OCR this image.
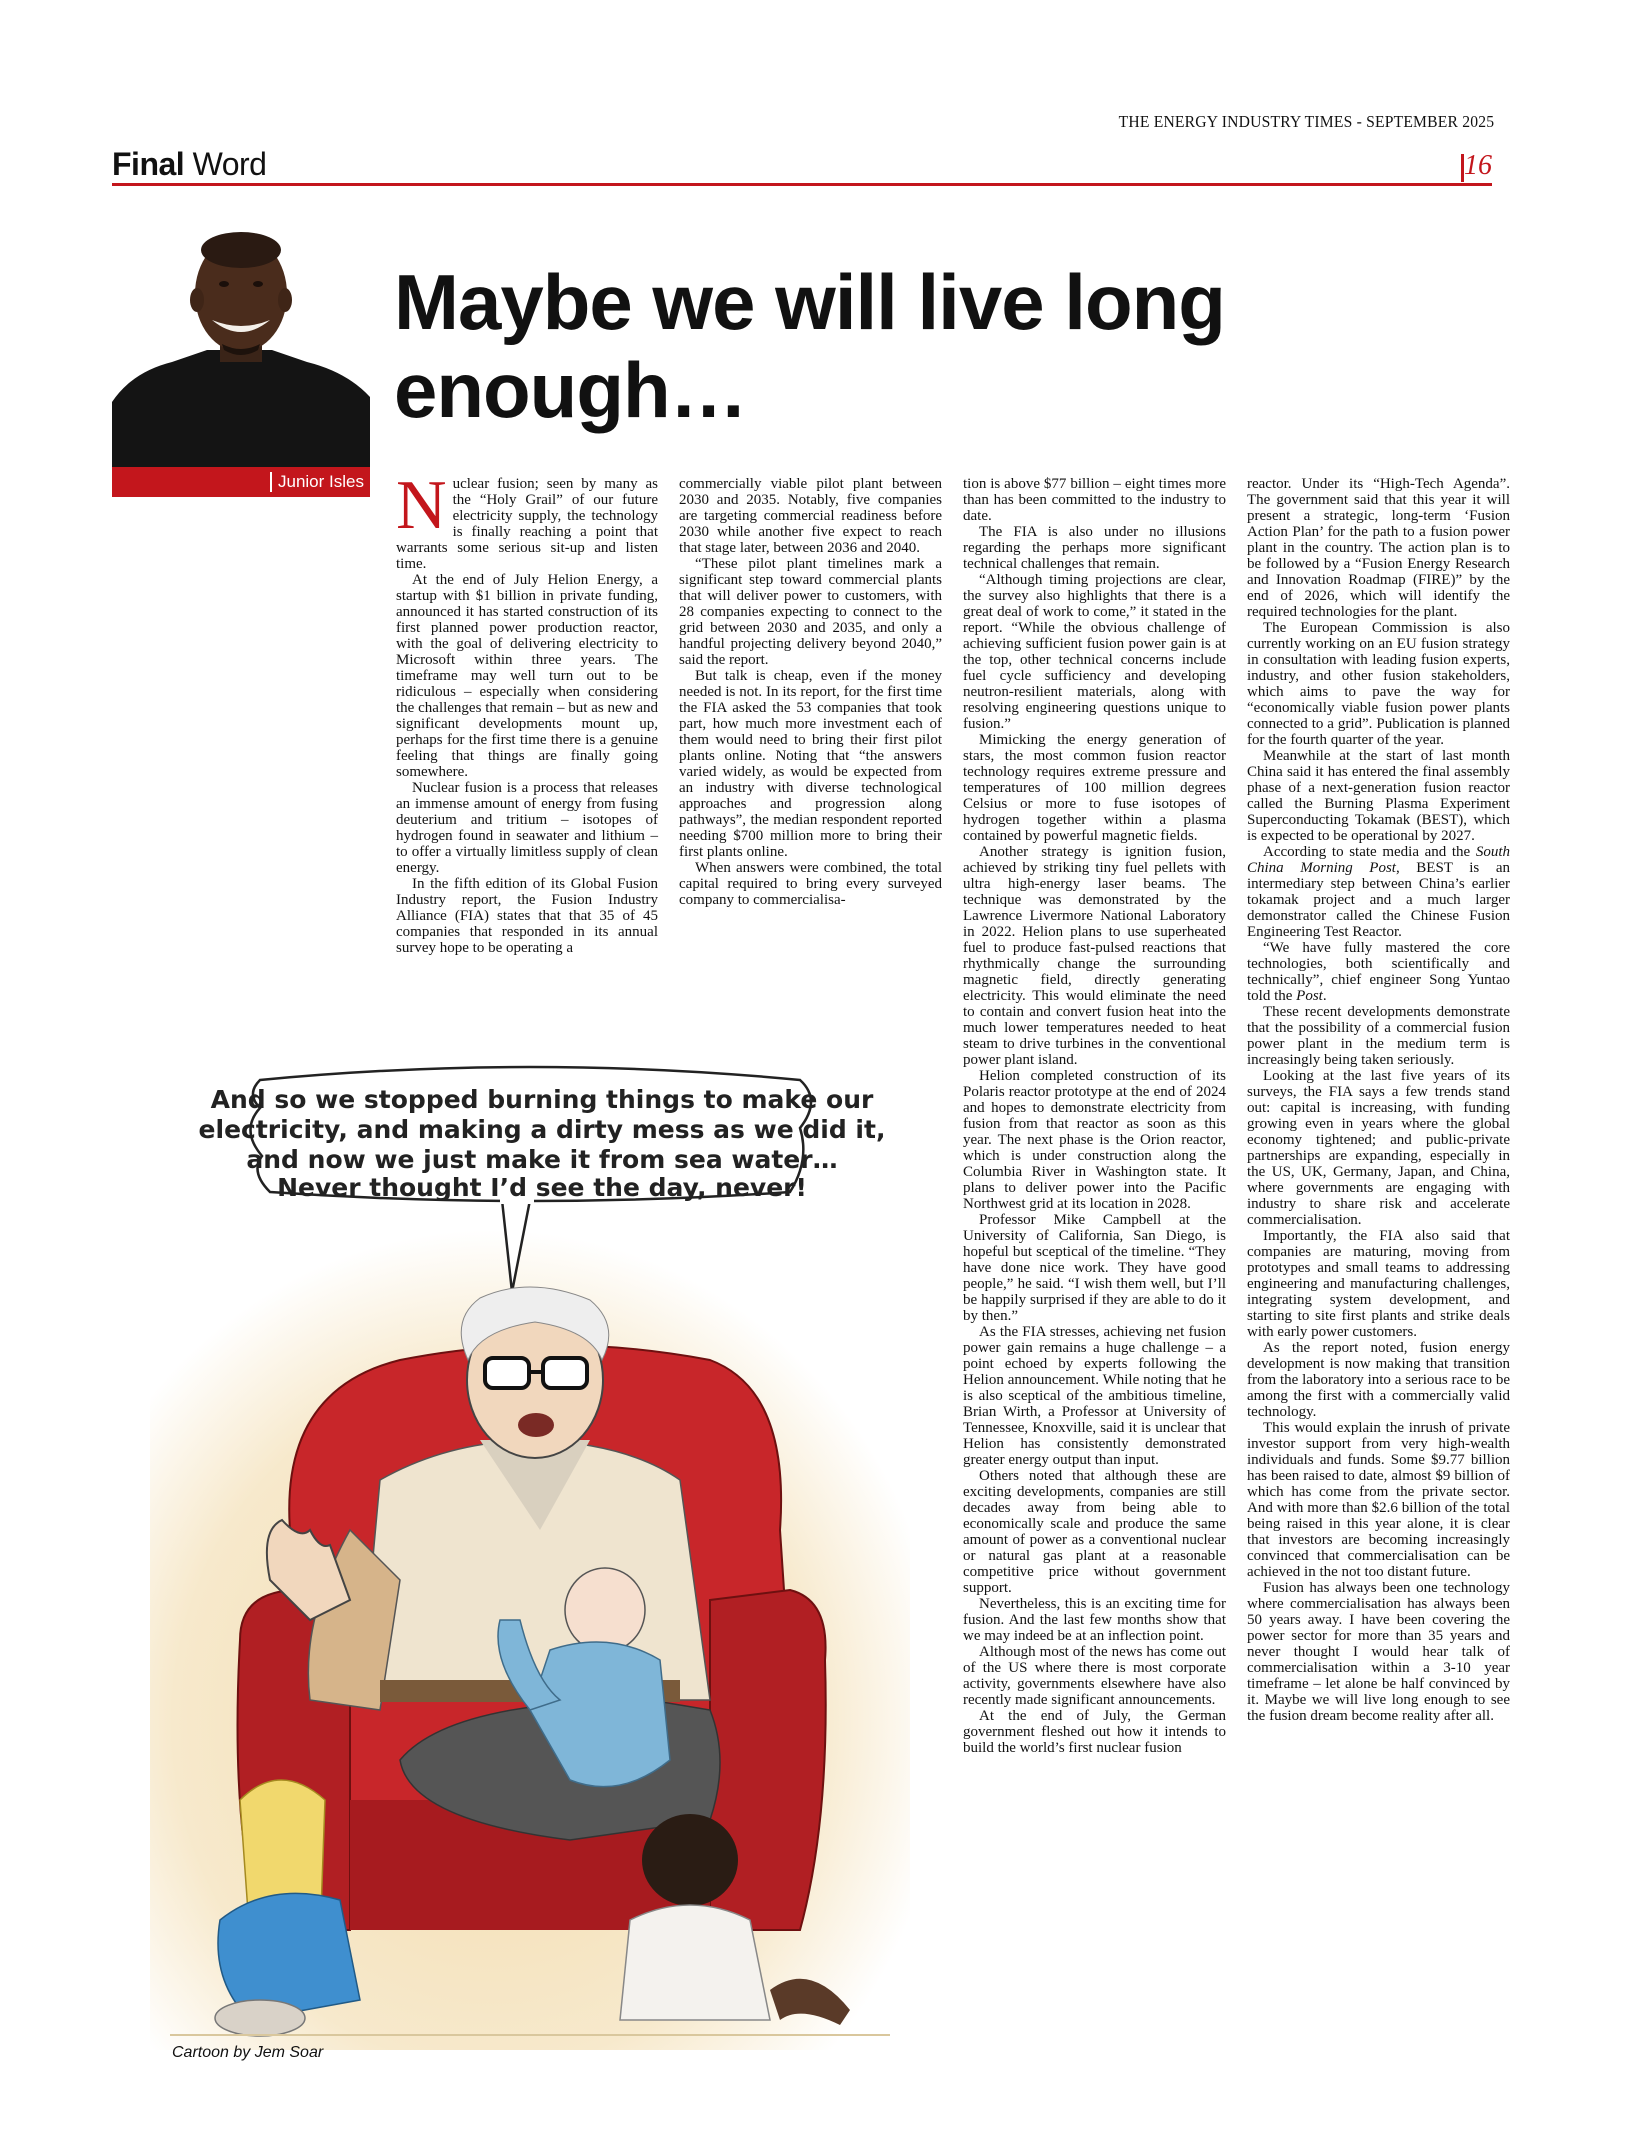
THE ENERGY INDUSTRY TIMES - SEPTEMBER 2025
Final Word	16
Junior Isles
Maybe we will live long enough…

Nuclear fusion; seen by many as the “Holy Grail” of our future electricity supply, the technology is finally reaching a point that warrants some serious sit-up and listen time.

At the end of July Helion Energy, a startup with $1 billion in private funding, announced it has started construction of its first planned power production reactor, with the goal of delivering electricity to Microsoft within three years. The timeframe may well turn out to be ridiculous – especially when considering the challenges that remain – but as new and significant developments mount up, perhaps for the first time there is a genuine feeling that things are finally going somewhere.

Nuclear fusion is a process that releases an immense amount of energy from fusing deuterium and tritium – isotopes of hydrogen found in seawater and lithium – to offer a virtually limitless supply of clean energy.

In the fifth edition of its Global Fusion Industry report, the Fusion Industry Alliance (FIA) states that that 35 of 45 companies that responded in its annual survey hope to be operating a

commercially viable pilot plant between 2030 and 2035. Notably, five companies are targeting commercial readiness before 2030 while another five expect to reach that stage later, between 2036 and 2040.

“These pilot plant timelines mark a significant step toward commercial plants that will deliver power to customers, with 28 companies expecting to connect to the grid between 2030 and 2035, and only a handful projecting delivery beyond 2040,” said the report.

But talk is cheap, even if the money needed is not. In its report, for the first time the FIA asked the 53 companies that took part, how much more investment each of them would need to bring their first pilot plants online. Noting that “the answers varied widely, as would be expected from an industry with diverse technological approaches and progression along pathways”, the median respondent reported needing $700 million more to bring their first plants online.

When answers were combined, the total capital required to bring every surveyed company to commercialisa-

tion is above $77 billion – eight times more than has been committed to the industry to date.

The FIA is also under no illusions regarding the perhaps more significant technical challenges that remain.

“Although timing projections are clear, the survey also highlights that there is a great deal of work to come,” it stated in the report. “While the obvious challenge of achieving sufficient fusion power gain is at the top, other technical concerns include fuel cycle sufficiency and developing neutron-resilient materials, along with resolving engineering questions unique to fusion.”

Mimicking the energy generation of stars, the most common fusion reactor technology requires extreme pressure and temperatures of 100 million degrees Celsius or more to fuse isotopes of hydrogen together within a plasma contained by powerful magnetic fields.

Another strategy is ignition fusion, achieved by striking tiny fuel pellets with ultra high-energy laser beams. The technique was demonstrated by the Lawrence Livermore National Laboratory in 2022. Helion plans to use superheated fuel to produce fast-pulsed reactions that rhythmically change the surrounding magnetic field, directly generating electricity. This would eliminate the need to contain and convert fusion heat into the much lower temperatures needed to heat steam to drive turbines in the conventional power plant island.

Helion completed construction of its Polaris reactor prototype at the end of 2024 and hopes to demonstrate electricity from fusion from that reactor as soon as this year. The next phase is the Orion reactor, which is under construction along the Columbia River in Washington state. It plans to deliver power into the Pacific Northwest grid at its location in 2028.

Professor Mike Campbell at the University of California, San Diego, is hopeful but sceptical of the timeline. “They have done nice work. They have good people,” he said. “I wish them well, but I’ll be happily surprised if they are able to do it by then.”

As the FIA stresses, achieving net fusion power gain remains a huge challenge – a point echoed by experts following the Helion announcement. While noting that he is also sceptical of the ambitious timeline, Brian Wirth, a Professor at University of Tennessee, Knoxville, said it is unclear that Helion has consistently demonstrated greater energy output than input.

Others noted that although these are exciting developments, companies are still decades away from being able to economically scale and produce the same amount of power as a conventional nuclear or natural gas plant at a reasonable competitive price without government support.

Nevertheless, this is an exciting time for fusion. And the last few months show that we may indeed be at an inflection point.

Although most of the news has come out of the US where there is most corporate activity, governments elsewhere have also recently made significant announcements.

At the end of July, the German government fleshed out how it intends to build the world’s first nuclear fusion

reactor. Under its “High-Tech Agenda”. The government said that this year it will present a strategic, long-term ‘Fusion Action Plan’ for the path to a fusion power plant in the country. The action plan is to be followed by a “Fusion Energy Research and Innovation Roadmap (FIRE)” by the end of 2026, which will identify the required technologies for the plant.

The European Commission is also currently working on an EU fusion strategy in consultation with leading fusion experts, industry, and other fusion stakeholders, which aims to pave the way for “economically viable fusion power plants connected to a grid”. Publication is planned for the fourth quarter of the year.

Meanwhile at the start of last month China said it has entered the final assembly phase of a next-generation fusion reactor called the Burning Plasma Experiment Superconducting Tokamak (BEST), which is expected to be operational by 2027.

According to state media and the South China Morning Post, BEST is an intermediary step between China’s earlier tokamak project and a much larger demonstrator called the Chinese Fusion Engineering Test Reactor.

“We have fully mastered the core technologies, both scientifically and technically”, chief engineer Song Yuntao told the Post.

These recent developments demonstrate that the possibility of a commercial fusion power plant in the medium term is increasingly being taken seriously.

Looking at the last five years of its surveys, the FIA says a few trends stand out: capital is increasing, with funding growing even in years where the global economy tightened; and public-private partnerships are expanding, especially in the US, UK, Germany, Japan, and China, where governments are engaging with industry to share risk and accelerate commercialisation.

Importantly, the FIA also said that companies are maturing, moving from prototypes and small teams to addressing engineering and manufacturing challenges, integrating system development, and starting to site first plants and strike deals with early power customers.

As the report noted, fusion energy development is now making that transition from the laboratory into a serious race to be among the first with a commercially valid technology.

This would explain the inrush of private investor support from very high-wealth individuals and funds. Some $9.77 billion has been raised to date, almost $9 billion of which has come from the private sector. And with more than $2.6 billion of the total being raised in this year alone, it is clear that investors are becoming increasingly convinced that commercialisation can be achieved in the not too distant future.

Fusion has always been one technology where commercialisation has always been 50 years away. I have been covering the power sector for more than 35 years and never thought I would hear talk of commercialisation within a 3-10 year timeframe – let alone be half convinced by it. Maybe we will live long enough to see the fusion dream become reality after all.

And so we stopped burning things to make our
electricity, and making a dirty mess as we did it,
and now we just make it from sea water…
Never thought I’d see the day, never!
Cartoon by Jem Soar
